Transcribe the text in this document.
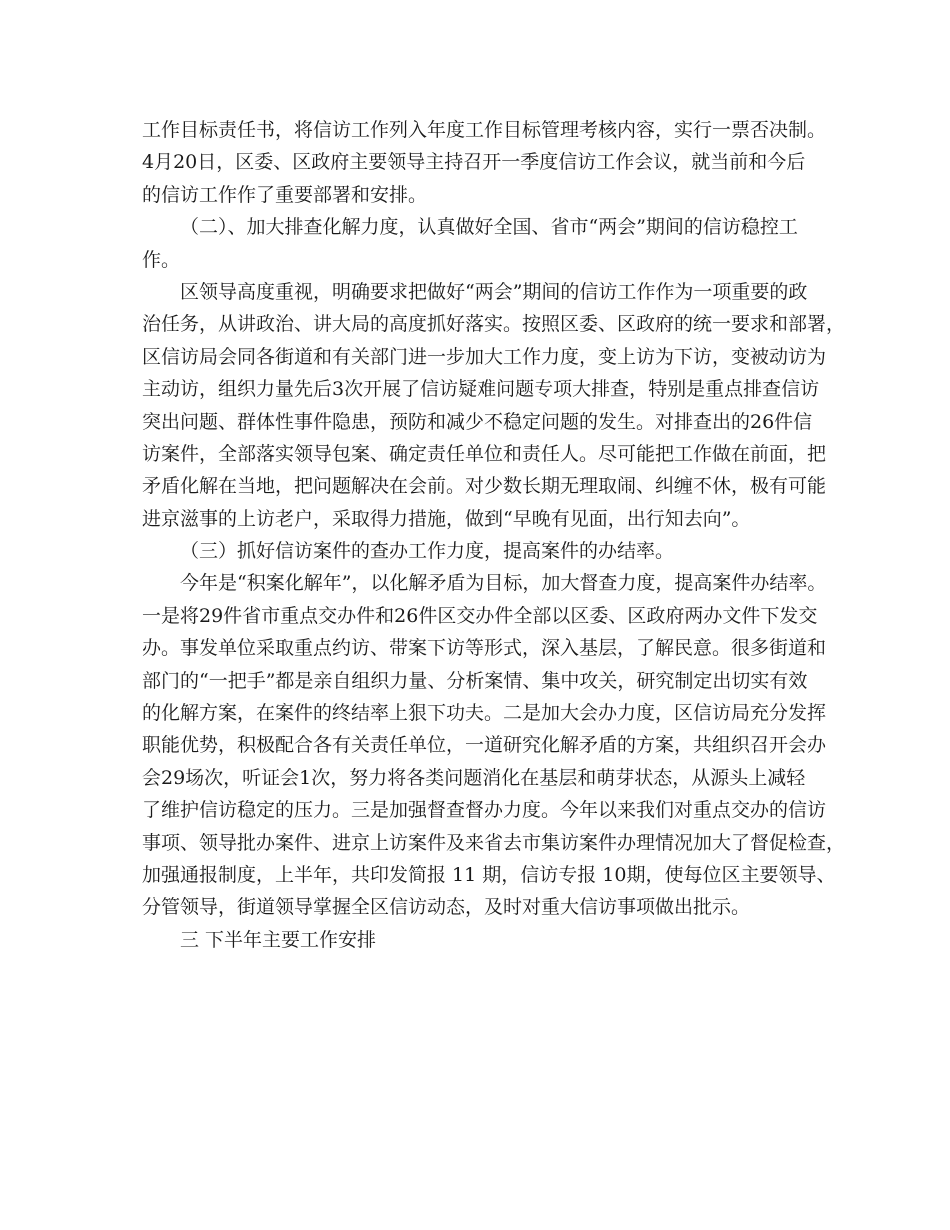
工作目标责任书，将信访工作列入年度工作目标管理考核内容，实行一票否决制。
4月20日，区委、区政府主要领导主持召开一季度信访工作会议，就当前和今后
的信访工作作了重要部署和安排。
（二）、加大排查化解力度，认真做好全国、省市“两会”期间的信访稳控工
作。
区领导高度重视，明确要求把做好“两会”期间的信访工作作为一项重要的政
治任务，从讲政治、讲大局的高度抓好落实。按照区委、区政府的统一要求和部署，
区信访局会同各街道和有关部门进一步加大工作力度，变上访为下访，变被动访为
主动访，组织力量先后3次开展了信访疑难问题专项大排查，特别是重点排查信访
突出问题、群体性事件隐患，预防和减少不稳定问题的发生。对排查出的26件信
访案件，全部落实领导包案、确定责任单位和责任人。尽可能把工作做在前面，把
矛盾化解在当地，把问题解决在会前。对少数长期无理取闹、纠缠不休，极有可能
进京滋事的上访老户，采取得力措施，做到“早晚有见面，出行知去向”。
（三）抓好信访案件的查办工作力度，提高案件的办结率。
今年是“积案化解年”，以化解矛盾为目标，加大督查力度，提高案件办结率。
一是将29件省市重点交办件和26件区交办件全部以区委、区政府两办文件下发交
办。事发单位采取重点约访、带案下访等形式，深入基层，了解民意。很多街道和
部门的“一把手”都是亲自组织力量、分析案情、集中攻关，研究制定出切实有效
的化解方案，在案件的终结率上狠下功夫。二是加大会办力度，区信访局充分发挥
职能优势，积极配合各有关责任单位，一道研究化解矛盾的方案，共组织召开会办
会29场次，听证会1次，努力将各类问题消化在基层和萌芽状态，从源头上减轻
了维护信访稳定的压力。三是加强督查督办力度。今年以来我们对重点交办的信访
事项、领导批办案件、进京上访案件及来省去市集访案件办理情况加大了督促检查，
加强通报制度，上半年，共印发简报 11 期，信访专报 10期，使每位区主要领导、
分管领导，街道领导掌握全区信访动态，及时对重大信访事项做出批示。
三 下半年主要工作安排
